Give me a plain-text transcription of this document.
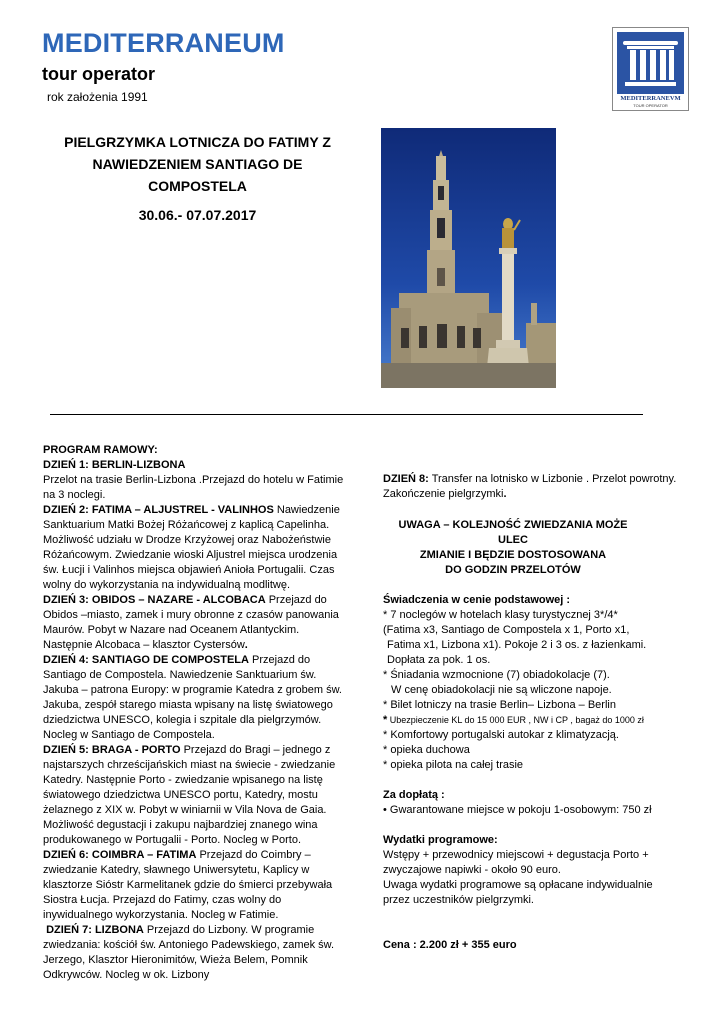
MEDITERRANEUM
tour operator
rok założenia 1991	MEDITERRANEVM
TOUR OPERATOR
PIELGRZYMKA LOTNICZA DO FATIMY Z
NAWIEDZENIEM SANTIAGO DE
COMPOSTELA
30.06.- 07.07.2017

PROGRAM RAMOWY:

DZIEŃ 1: BERLIN-LIZBONA

Przelot na trasie Berlin-Lizbona .Przejazd do hotelu w Fatimie na 3 noclegi.

DZIEŃ 2: FATIMA – ALJUSTREL - VALINHOS Nawiedzenie Sanktuarium Matki Bożej Różańcowej z kaplicą Capelinha. Możliwość udziału w Drodze Krzyżowej oraz Nabożeństwie Różańcowym. Zwiedzanie wioski Aljustrel miejsca urodzenia św. Łucji i Valinhos miejsca objawień Anioła Portugalii. Czas wolny do wykorzystania na indywidualną modlitwę.

DZIEŃ 3: OBIDOS – NAZARE - ALCOBACA Przejazd do Obidos –miasto, zamek i mury obronne z czasów panowania Maurów. Pobyt w Nazare nad Oceanem Atlantyckim. Następnie Alcobaca – klasztor Cystersów.

DZIEŃ 4: SANTIAGO DE COMPOSTELA Przejazd do Santiago de Compostela. Nawiedzenie Sanktuarium św. Jakuba – patrona Europy: w programie Katedra z grobem św. Jakuba, zespół starego miasta wpisany na listę światowego dziedzictwa UNESCO, kolegia i szpitale dla pielgrzymów. Nocleg w Santiago de Compostela.

DZIEŃ 5: BRAGA - PORTO Przejazd do Bragi – jednego z najstarszych chrześcijańskich miast na świecie - zwiedzanie Katedry. Następnie Porto - zwiedzanie wpisanego na listę światowego dziedzictwa UNESCO portu, Katedry, mostu żelaznego z XIX w. Pobyt w winiarnii w Vila Nova de Gaia. Możliwość degustacji i zakupu najbardziej znanego wina produkowanego w Portugalii - Porto. Nocleg w Porto.

DZIEŃ 6: COIMBRA – FATIMA Przejazd do Coimbry – zwiedzanie Katedry, sławnego Uniwersytetu, Kaplicy w klasztorze Sióstr Karmelitanek gdzie do śmierci przebywała Siostra Łucja. Przejazd do Fatimy, czas wolny do inywidualnego wykorzystania. Nocleg w Fatimie.

DZIEŃ 7: LIZBONA Przejazd do Lizbony. W programie zwiedzania: kościół św. Antoniego Padewskiego, zamek św. Jerzego, Klasztor Hieronimitów, Wieża Belem, Pomnik Odkrywców. Nocleg w ok. Lizbony

DZIEŃ 8: Transfer na lotnisko w Lizbonie . Przelot powrotny. Zakończenie pielgrzymki.

UWAGA – KOLEJNOŚĆ ZWIEDZANIA MOŻE ULEC
ZMIANIE I BĘDZIE DOSTOSOWANA
DO GODZIN PRZELOTÓW

Świadczenia w cenie podstawowej :

* 7 noclegów w hotelach klasy turystycznej 3*/4*

(Fatima x3, Santiago de Compostela x 1, Porto x1,

Fatima x1, Lizbona x1). Pokoje 2 i 3 os. z łazienkami.

Dopłata za pok. 1 os.

* Śniadania wzmocnione (7) obiadokolacje (7).

W cenę obiadokolacji nie są wliczone napoje.

* Bilet lotniczy na trasie Berlin– Lizbona – Berlin

* Ubezpieczenie KL do 15 000 EUR , NW i CP , bagaż do 1000 zł

* Komfortowy portugalski autokar z klimatyzacją.

* opieka duchowa

* opieka pilota na całej trasie

Za dopłatą :

• Gwarantowane miejsce w pokoju 1-osobowym: 750 zł

Wydatki programowe:

Wstępy + przewodnicy miejscowi + degustacja Porto +

zwyczajowe napiwki - około 90 euro.

Uwaga wydatki programowe są opłacane indywidualnie

przez uczestników pielgrzymki.

Cena : 2.200 zł + 355 euro
